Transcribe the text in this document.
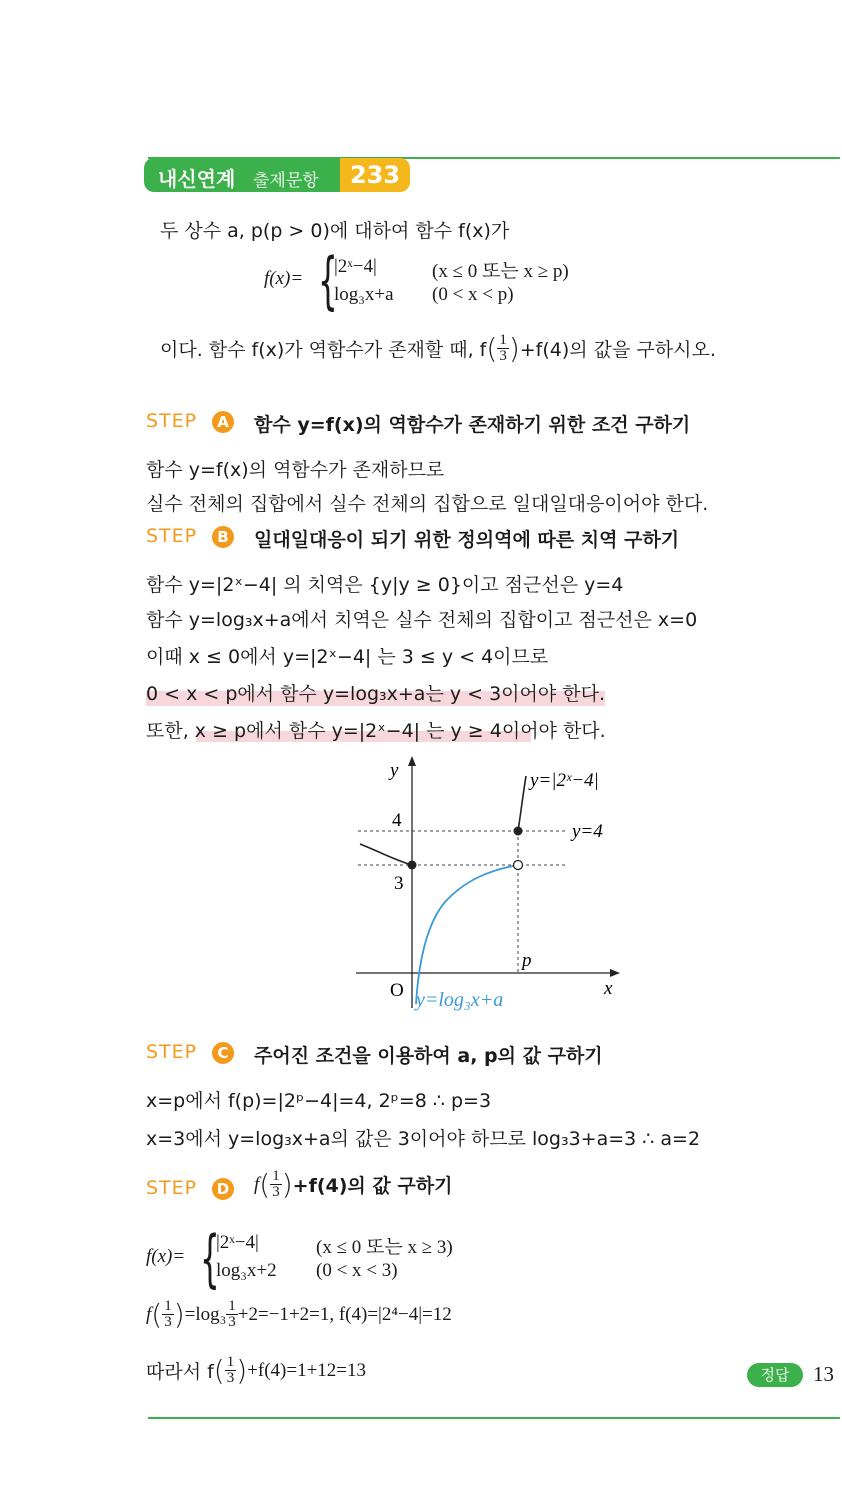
내신연계 출제문항	233
두 상수 a, p(p > 0)에 대하여 함수 f(x)가
f(x)= {
|2ˣ−4|	(x ≤ 0 또는 x ≥ p)
log₃x+a (0 < x < p)
이다. 함수 f(x)가 역함수가 존재할 때, f ( $\frac{1}{3}$ ) +f(4)의 값을 구하시오.
STEP	A 함수 y=f(x)의 역함수가 존재하기 위한 조건 구하기
함수 y=f(x)의 역함수가 존재하므로
실수 전체의 집합에서 실수 전체의 집합으로 일대일대응이어야 한다.
STEP	B 일대일대응이 되기 위한 정의역에 따른 치역 구하기
함수 y=|2ˣ−4| 의 치역은 {y|y ≥ 0}이고 점근선은 y=4
함수 y=log₃x+a에서 치역은 실수 전체의 집합이고 점근선은 x=0
이때 x ≤ 0에서 y=|2ˣ−4| 는 3 ≤ y < 4이므로
0 < x < p에서 함수 y=log₃x+a는 y < 3이어야 한다.
또한, x ≥ p에서 함수 y=|2ˣ−4| 는 y ≥ 4이어야 한다.
y
x
O
4
3
p
y=|2ˣ−4|
y=4
y=log₃x+a
STEP	C 주어진 조건을 이용하여 a, p의 값 구하기
x=p에서 f(p)=|2ᵖ−4|=4, 2ᵖ=8 ∴ p=3
x=3에서 y=log₃x+a의 값은 3이어야 하므로 log₃3+a=3 ∴ a=2
STEP	D f ( $\frac{1}{3}$ ) +f(4)의 값 구하기
f(x)= {
|2ˣ−4|	(x ≤ 0 또는 x ≥ 3)
log₃x+2 (0 < x < 3)
f ( $\frac{1}{3}$ ) $=\log_3 \frac{1}{3} +2=-1+2=1$, f(4)=|2⁴−4|=12
따라서 f ( $\frac{1}{3}$ ) +f(4)=1+12=13	정답	13
